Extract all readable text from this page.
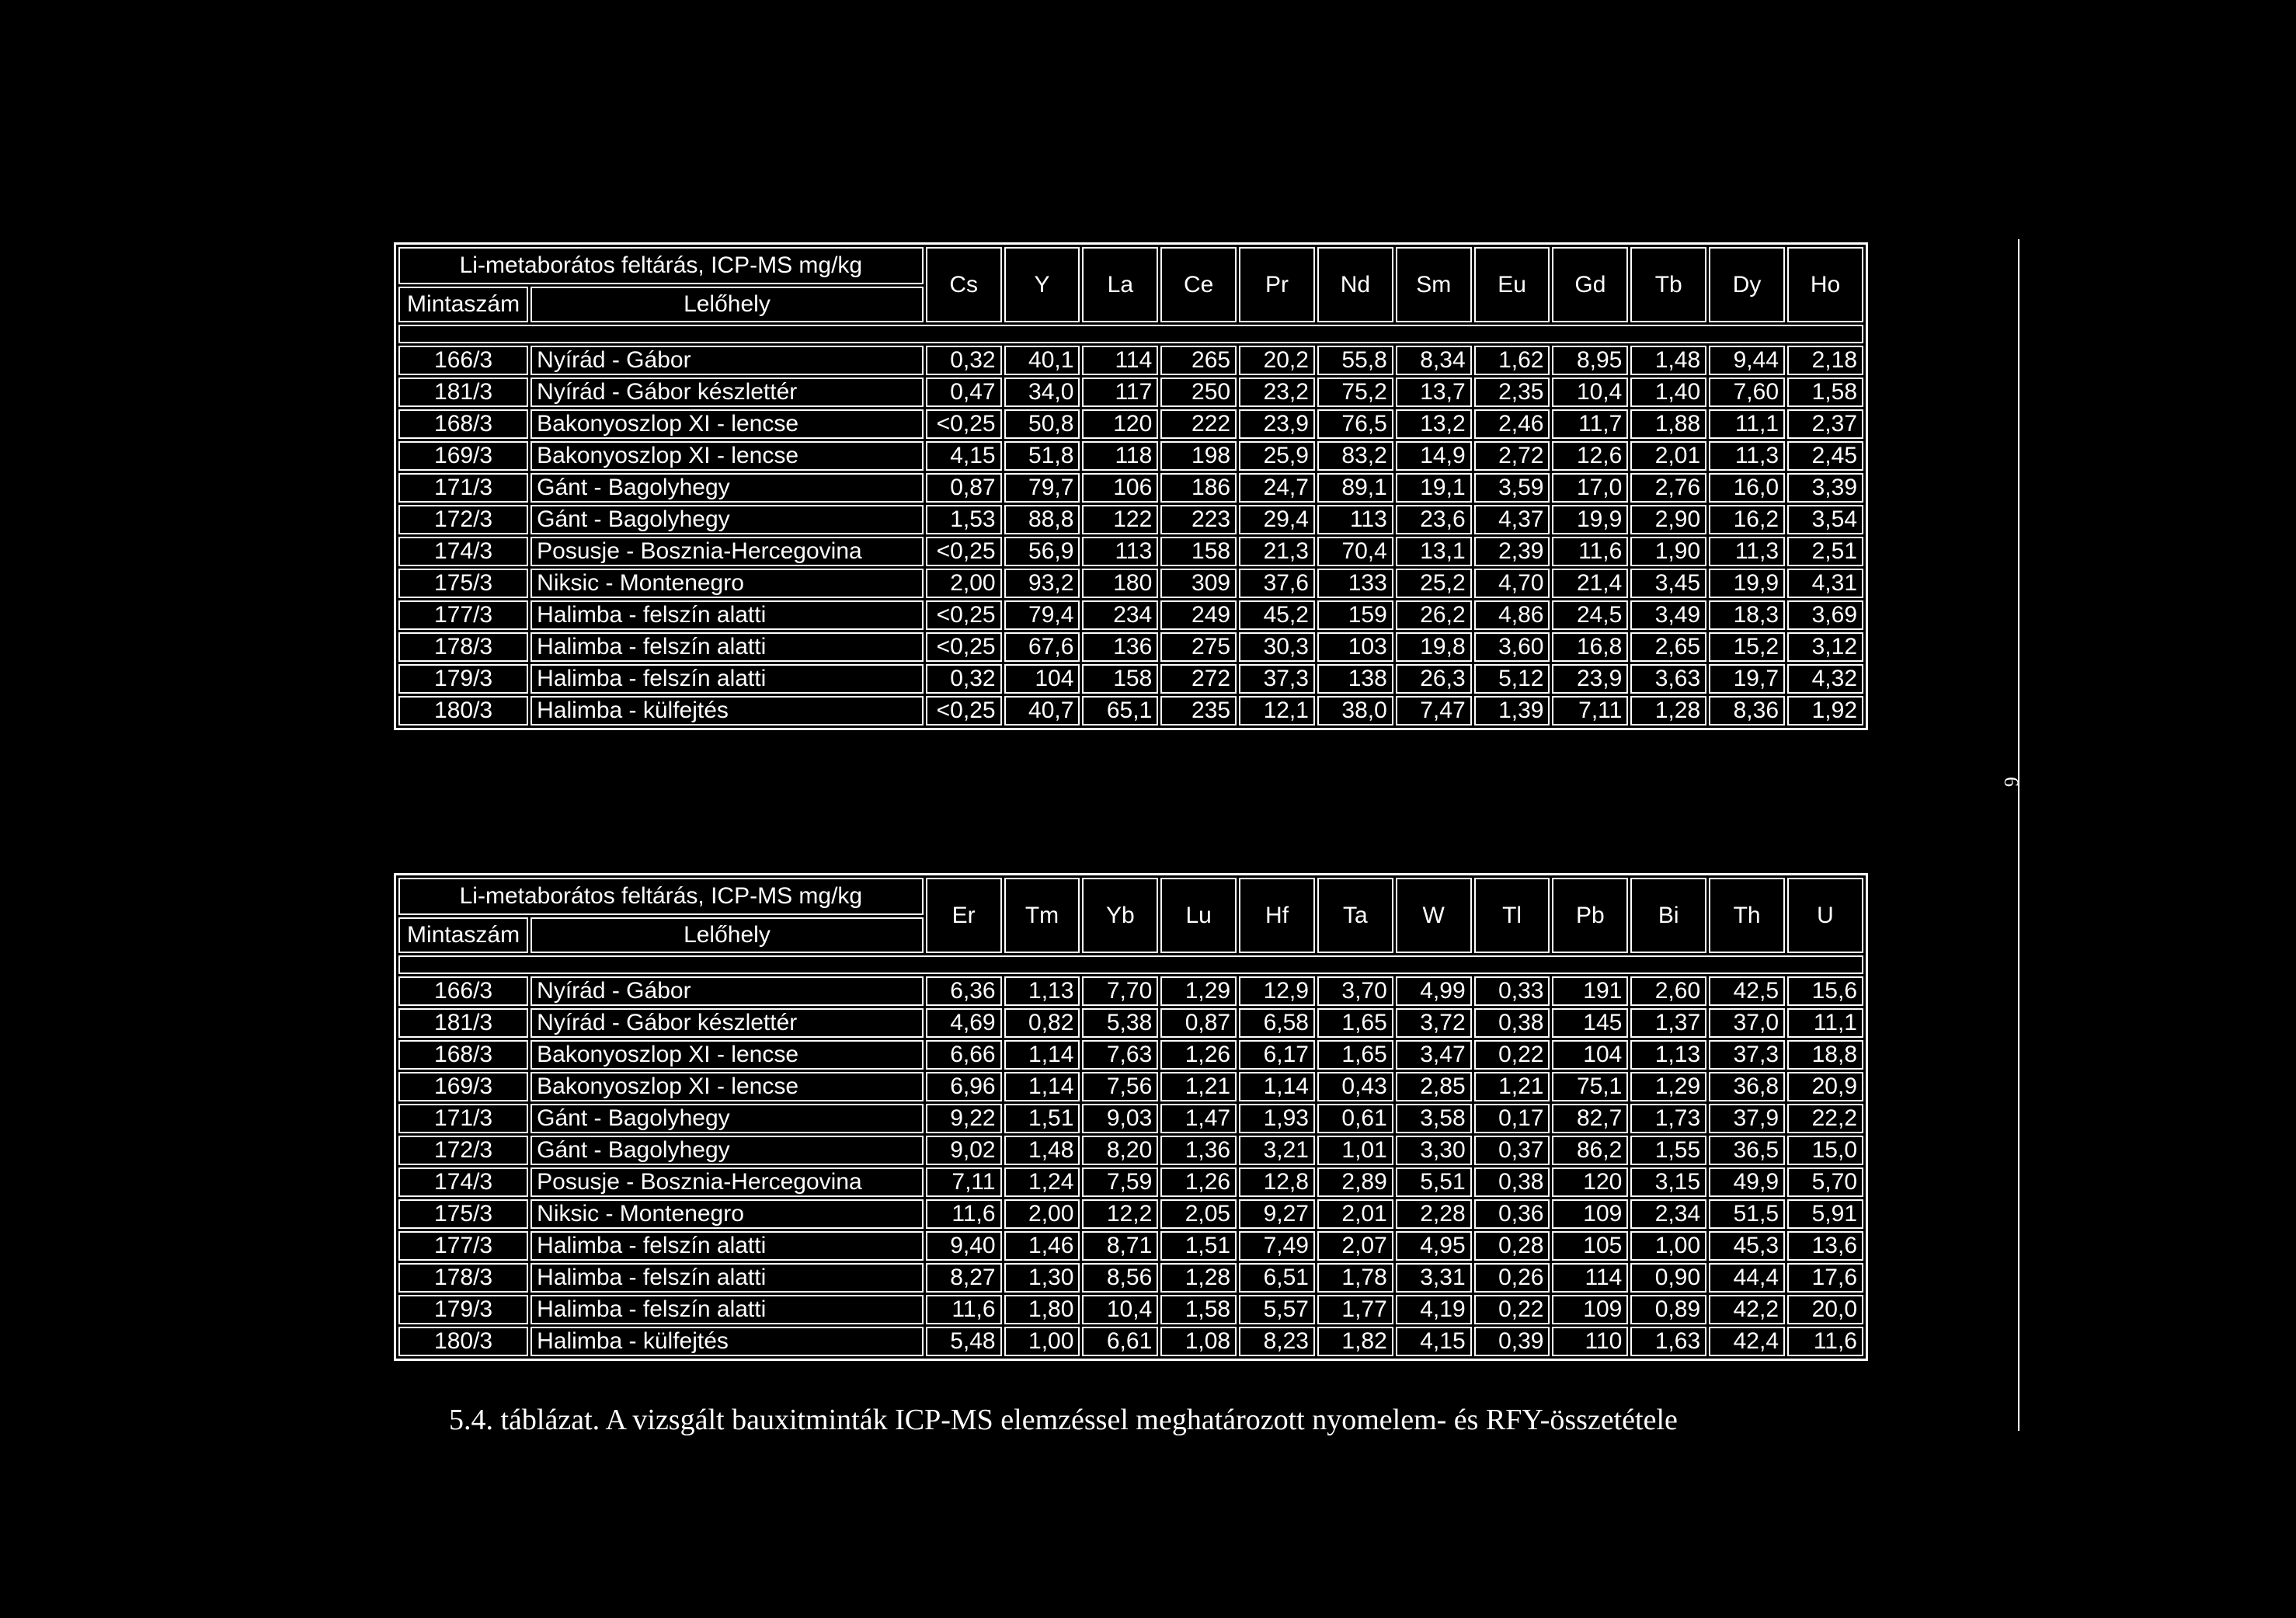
Li-metaborátos feltárás, ICP-MS mg/kg		Cs	Y	La	Ce	Pr	Nd	Sm	Eu	Gd	Tb	Dy	Ho
Mintaszám	Lelőhely												

166/3	Nyírád - Gábor	0,32	40,1	114	265	20,2	55,8	8,34	1,62	8,95	1,48	9,44	2,18
181/3	Nyírád - Gábor készlettér	0,47	34,0	117	250	23,2	75,2	13,7	2,35	10,4	1,40	7,60	1,58
168/3	Bakonyoszlop XI - lencse	<0,25	50,8	120	222	23,9	76,5	13,2	2,46	11,7	1,88	11,1	2,37
169/3	Bakonyoszlop XI - lencse	4,15	51,8	118	198	25,9	83,2	14,9	2,72	12,6	2,01	11,3	2,45
171/3	Gánt - Bagolyhegy	0,87	79,7	106	186	24,7	89,1	19,1	3,59	17,0	2,76	16,0	3,39
172/3	Gánt - Bagolyhegy	1,53	88,8	122	223	29,4	113	23,6	4,37	19,9	2,90	16,2	3,54
174/3	Posusje - Bosznia-Hercegovina	<0,25	56,9	113	158	21,3	70,4	13,1	2,39	11,6	1,90	11,3	2,51
175/3	Niksic - Montenegro	2,00	93,2	180	309	37,6	133	25,2	4,70	21,4	3,45	19,9	4,31
177/3	Halimba - felszín alatti	<0,25	79,4	234	249	45,2	159	26,2	4,86	24,5	3,49	18,3	3,69
178/3	Halimba - felszín alatti	<0,25	67,6	136	275	30,3	103	19,8	3,60	16,8	2,65	15,2	3,12
179/3	Halimba - felszín alatti	0,32	104	158	272	37,3	138	26,3	5,12	23,9	3,63	19,7	4,32
180/3	Halimba - külfejtés	<0,25	40,7	65,1	235	12,1	38,0	7,47	1,39	7,11	1,28	8,36	1,92
Li-metaborátos feltárás, ICP-MS mg/kg		Er	Tm	Yb	Lu	Hf	Ta	W	Tl	Pb	Bi	Th	U
Mintaszám	Lelőhely												

166/3	Nyírád - Gábor	6,36	1,13	7,70	1,29	12,9	3,70	4,99	0,33	191	2,60	42,5	15,6
181/3	Nyírád - Gábor készlettér	4,69	0,82	5,38	0,87	6,58	1,65	3,72	0,38	145	1,37	37,0	11,1
168/3	Bakonyoszlop XI - lencse	6,66	1,14	7,63	1,26	6,17	1,65	3,47	0,22	104	1,13	37,3	18,8
169/3	Bakonyoszlop XI - lencse	6,96	1,14	7,56	1,21	1,14	0,43	2,85	1,21	75,1	1,29	36,8	20,9
171/3	Gánt - Bagolyhegy	9,22	1,51	9,03	1,47	1,93	0,61	3,58	0,17	82,7	1,73	37,9	22,2
172/3	Gánt - Bagolyhegy	9,02	1,48	8,20	1,36	3,21	1,01	3,30	0,37	86,2	1,55	36,5	15,0
174/3	Posusje - Bosznia-Hercegovina	7,11	1,24	7,59	1,26	12,8	2,89	5,51	0,38	120	3,15	49,9	5,70
175/3	Niksic - Montenegro	11,6	2,00	12,2	2,05	9,27	2,01	2,28	0,36	109	2,34	51,5	5,91
177/3	Halimba - felszín alatti	9,40	1,46	8,71	1,51	7,49	2,07	4,95	0,28	105	1,00	45,3	13,6
178/3	Halimba - felszín alatti	8,27	1,30	8,56	1,28	6,51	1,78	3,31	0,26	114	0,90	44,4	17,6
179/3	Halimba - felszín alatti	11,6	1,80	10,4	1,58	5,57	1,77	4,19	0,22	109	0,89	42,2	20,0
180/3	Halimba - külfejtés	5,48	1,00	6,61	1,08	8,23	1,82	4,15	0,39	110	1,63	42,4	11,6
6
5.4. táblázat. A vizsgált bauxitminták ICP-MS elemzéssel meghatározott nyomelem- és RFY-összetétele
